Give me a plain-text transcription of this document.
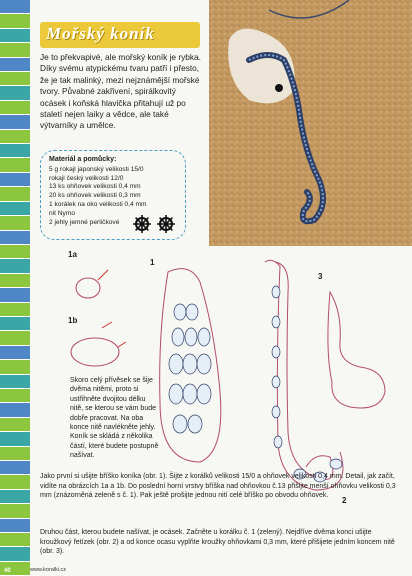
Mořský koník

Je to překvapivé, ale mořský koník je rybka. Díky svému atypickému tvaru patří i přesto, že je tak malinký, mezi nejznámější mořské tvory. Půvabné zakřivení, spirálkovitý ocásek i koňská hlavička přitahují už po staletí nejen laiky a vědce, ale také výtvarníky a umělce.

Materiál a pomůcky:
5 g rokajl japonský velikosti 15/0
rokajl český velikosti 12/0
13 ks ohňovek velikosti 0,4 mm
20 ks ohňovek velikosti 0,3 mm
1 korálek na oko velikosti 0,4 mm
nit Nymo
2 jehly jemné perličkové
1a
1b
1
3
2

Skoro celý přívěsek se šije dvěma nitěmi, proto si ustřihněte dvojitou délku nitě, se kterou se vám bude dobře pracovat. Na oba konce nitě navlékněte jehly. Koník se skládá z několika částí, které budete postupně našívat.

Jako první si ušijte bříško koníka (obr. 1). Šijte z korálků velikosti 15/0 a ohňovek velikosti 0,4 mm. Detail, jak začít, vidíte na obrázcích 1a a 1b. Do poslední horní vrstvy bříška nad ohňovkou č.13 přišijte menší ohňovku velikosti 0,3 mm (znázorněná zeleně s č. 1). Pak ještě prošijte jednou nití celé bříško po obvodu ohňovek.

Druhou část, kterou budete našívat, je ocásek. Začněte u korálku č. 1 (zelený). Nejdříve dvěma konci ušijte kroužkový řetízek (obr. 2) a od konce ocasu vyplňte kroužky ohňovkami 0,3 mm, které přišijete jedním koncem nitě (obr. 3).

40	www.koralki.cz
